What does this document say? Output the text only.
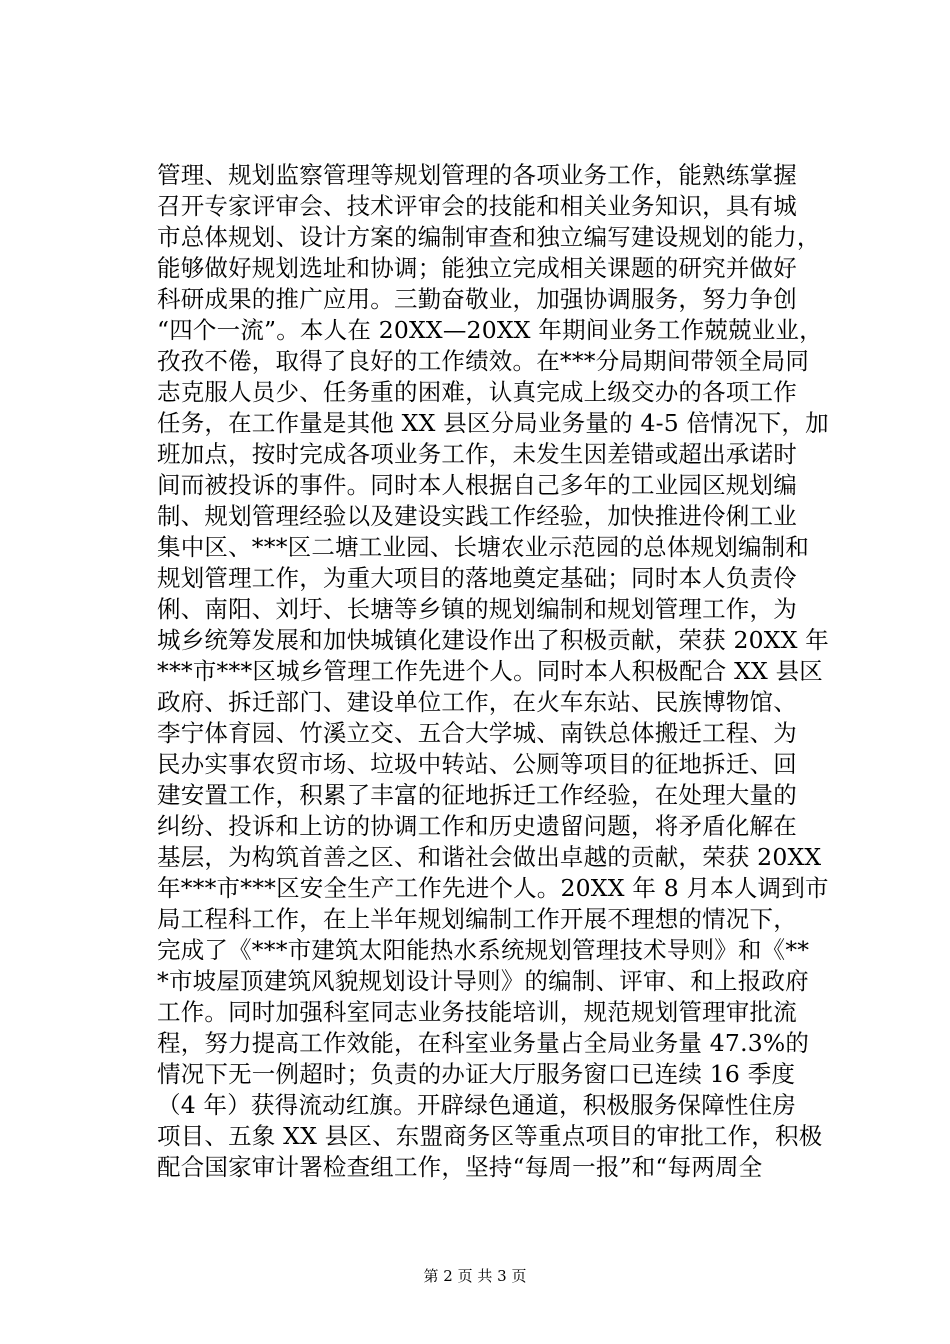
管理、规划监察管理等规划管理的各项业务工作，能熟练掌握
召开专家评审会、技术评审会的技能和相关业务知识，具有城
市总体规划、设计方案的编制审查和独立编写建设规划的能力，
能够做好规划选址和协调；能独立完成相关课题的研究并做好
科研成果的推广应用。三勤奋敬业，加强协调服务，努力争创
“四个一流”。本人在 20XX—20XX 年期间业务工作兢兢业业，
孜孜不倦，取得了良好的工作绩效。在***分局期间带领全局同
志克服人员少、任务重的困难，认真完成上级交办的各项工作
任务，在工作量是其他 XX 县区分局业务量的 4-5 倍情况下，加
班加点，按时完成各项业务工作，未发生因差错或超出承诺时
间而被投诉的事件。同时本人根据自己多年的工业园区规划编
制、规划管理经验以及建设实践工作经验，加快推进伶俐工业
集中区、***区二塘工业园、长塘农业示范园的总体规划编制和
规划管理工作，为重大项目的落地奠定基础；同时本人负责伶
俐、南阳、刘圩、长塘等乡镇的规划编制和规划管理工作，为
城乡统筹发展和加快城镇化建设作出了积极贡献，荣获 20XX 年
***市***区城乡管理工作先进个人。同时本人积极配合 XX 县区
政府、拆迁部门、建设单位工作，在火车东站、民族博物馆、
李宁体育园、竹溪立交、五合大学城、南铁总体搬迁工程、为
民办实事农贸市场、垃圾中转站、公厕等项目的征地拆迁、回
建安置工作，积累了丰富的征地拆迁工作经验，在处理大量的
纠纷、投诉和上访的协调工作和历史遗留问题，将矛盾化解在
基层，为构筑首善之区、和谐社会做出卓越的贡献，荣获 20XX
年***市***区安全生产工作先进个人。20XX 年 8 月本人调到市
局工程科工作，在上半年规划编制工作开展不理想的情况下，
完成了《***市建筑太阳能热水系统规划管理技术导则》和《**
*市坡屋顶建筑风貌规划设计导则》的编制、评审、和上报政府
工作。同时加强科室同志业务技能培训，规范规划管理审批流
程，努力提高工作效能，在科室业务量占全局业务量 47.3%的
情况下无一例超时；负责的办证大厅服务窗口已连续 16 季度
（4 年）获得流动红旗。开辟绿色通道，积极服务保障性住房
项目、五象 XX 县区、东盟商务区等重点项目的审批工作，积极
配合国家审计署检查组工作，坚持“每周一报”和“每两周全
第 2 页 共 3 页
